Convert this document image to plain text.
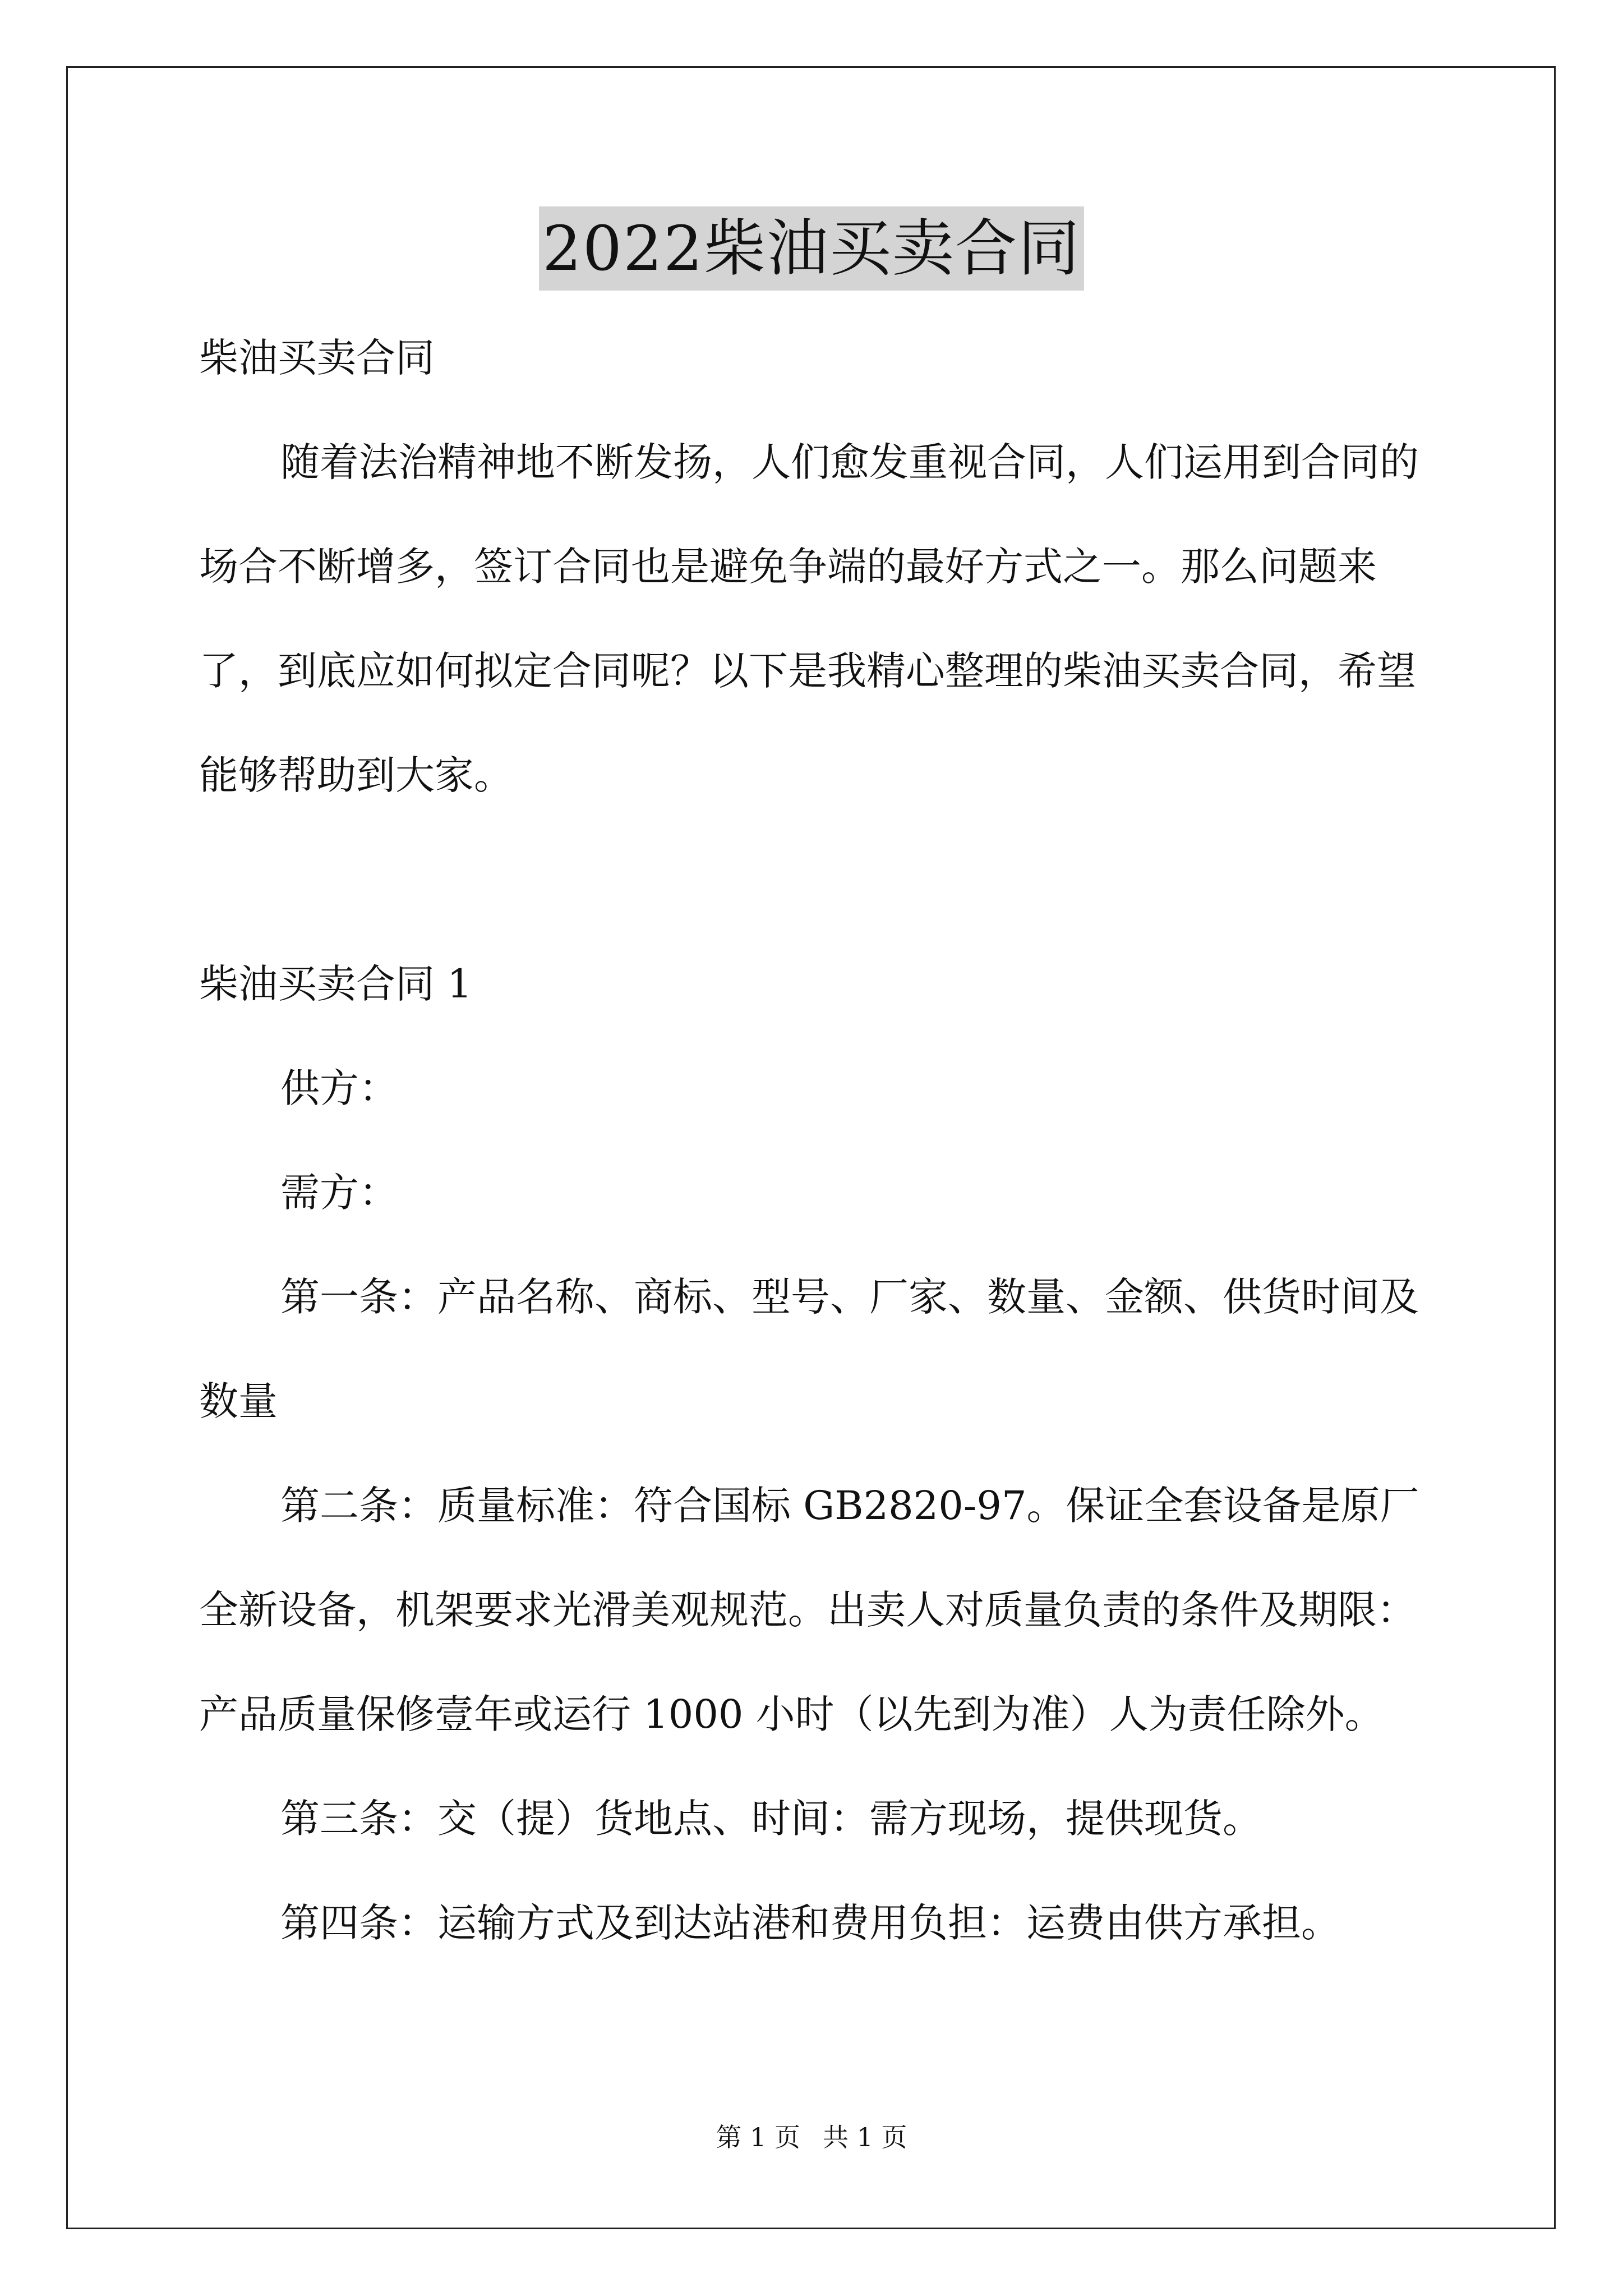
2022柴油买卖合同

柴油买卖合同

随着法治精神地不断发扬，人们愈发重视合同，人们运用到合同的场合不断增多，签订合同也是避免争端的最好方式之一。那么问题来了，到底应如何拟定合同呢？以下是我精心整理的柴油买卖合同，希望能够帮助到大家。

柴油买卖合同 1

供方：

需方：

第一条：产品名称、商标、型号、厂家、数量、金额、供货时间及数量

第二条：质量标准：符合国标 GB2820-97。保证全套设备是原厂全新设备，机架要求光滑美观规范。出卖人对质量负责的条件及期限：产品质量保修壹年或运行 1000 小时（以先到为准）人为责任除外。

第三条：交（提）货地点、时间：需方现场，提供现货。

第四条：运输方式及到达站港和费用负担：运费由供方承担。

第 1 页 共 1 页
